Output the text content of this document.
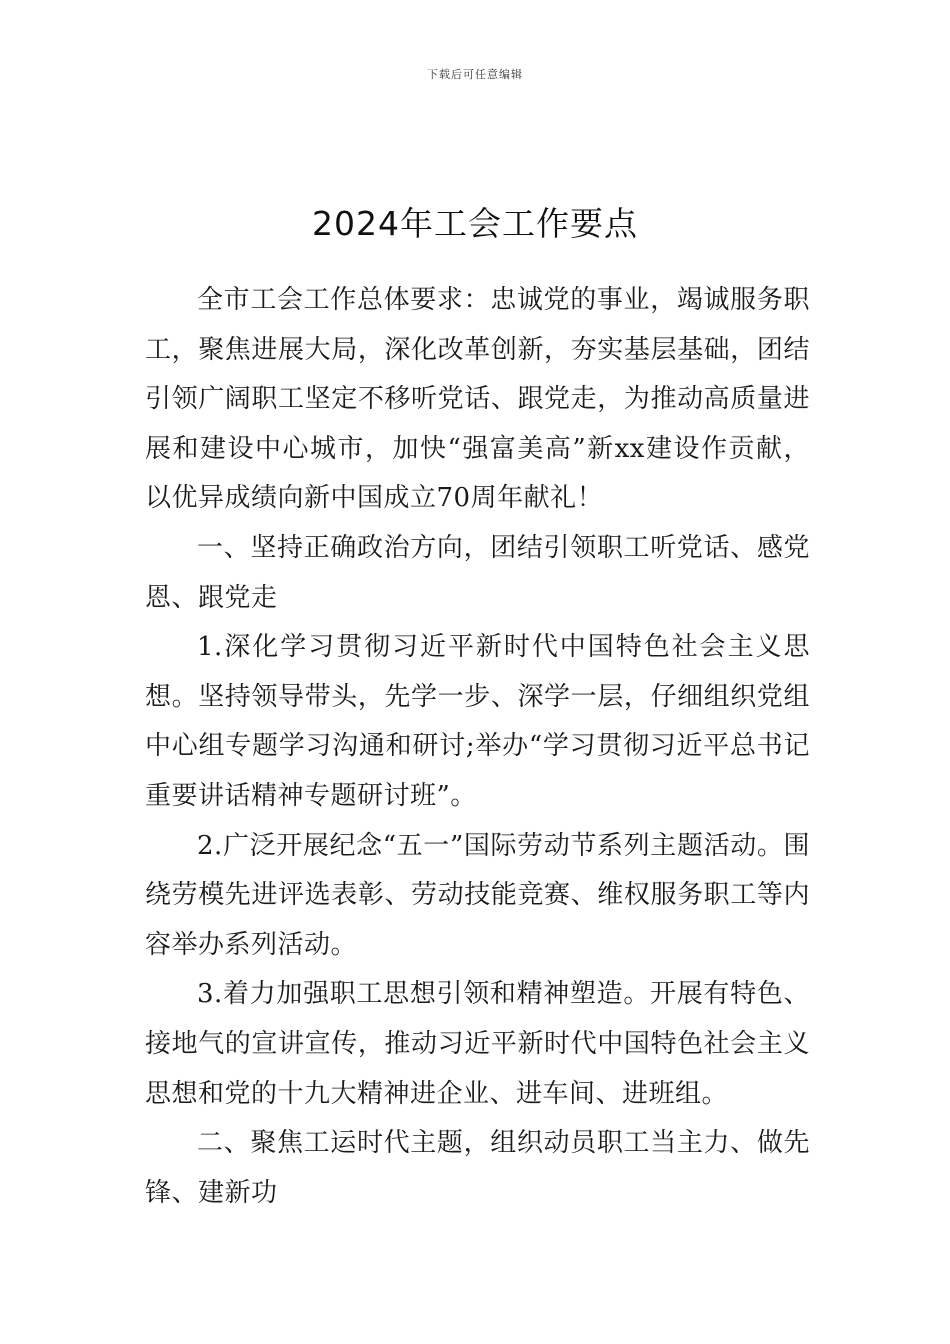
下载后可任意编辑
2024年工会工作要点

全市工会工作总体要求：忠诚党的事业，竭诚服务职工，聚焦进展大局，深化改革创新，夯实基层基础，团结引领广阔职工坚定不移听党话、跟党走，为推动高质量进展和建设中心城市，加快“强富美高”新xx建设作贡献，以优异成绩向新中国成立70周年献礼！

一、坚持正确政治方向，团结引领职工听党话、感党恩、跟党走

1.深化学习贯彻习近平新时代中国特色社会主义思想。坚持领导带头，先学一步、深学一层，仔细组织党组中心组专题学习沟通和研讨;举办“学习贯彻习近平总书记重要讲话精神专题研讨班”。

2.广泛开展纪念“五一”国际劳动节系列主题活动。围绕劳模先进评选表彰、劳动技能竞赛、维权服务职工等内容举办系列活动。

3.着力加强职工思想引领和精神塑造。开展有特色、接地气的宣讲宣传，推动习近平新时代中国特色社会主义思想和党的十九大精神进企业、进车间、进班组。

二、聚焦工运时代主题，组织动员职工当主力、做先锋、建新功
